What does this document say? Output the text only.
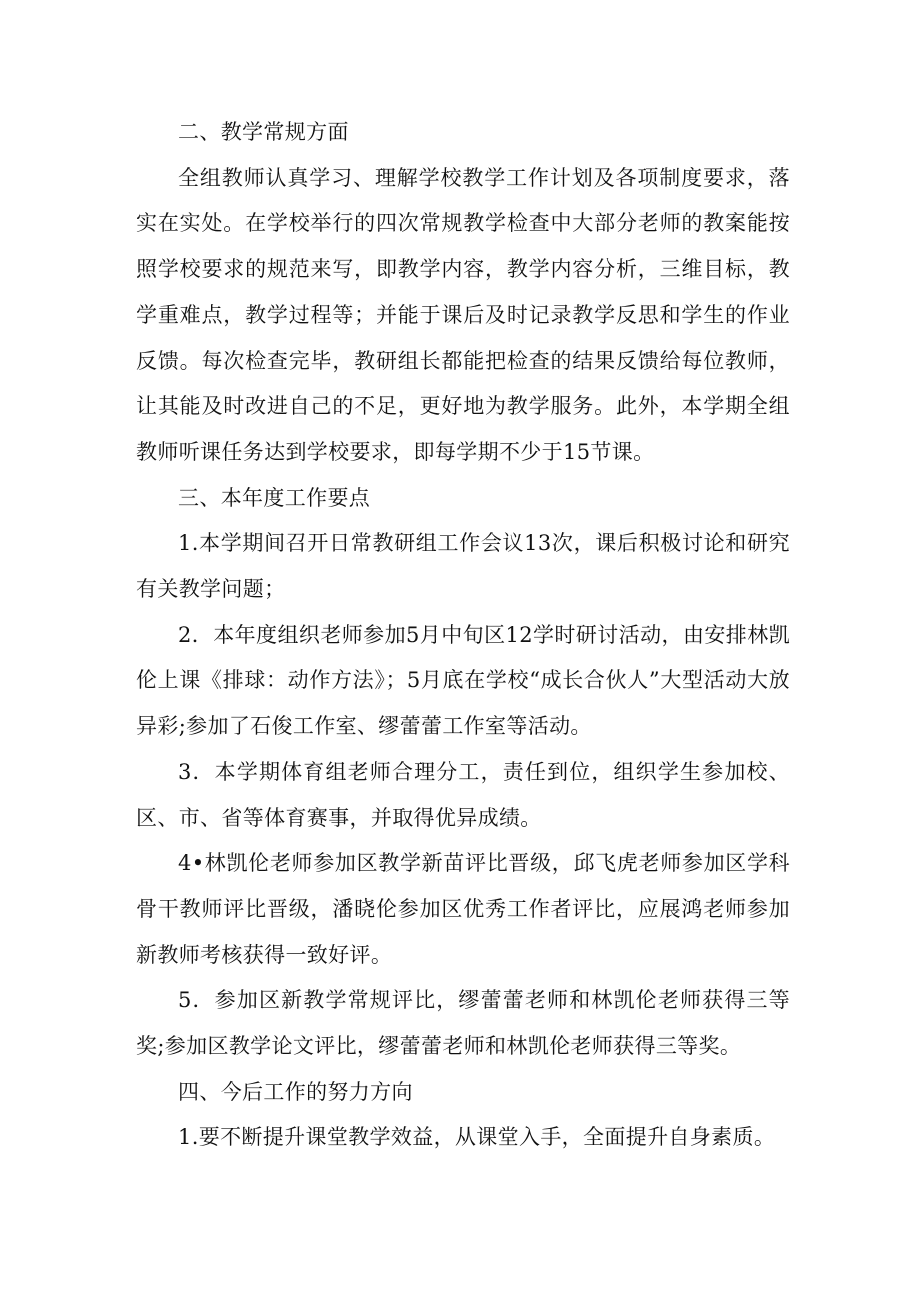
二、教学常规方面

全组教师认真学习、理解学校教学工作计划及各项制度要求，落实在实处。在学校举行的四次常规教学检查中大部分老师的教案能按照学校要求的规范来写，即教学内容，教学内容分析，三维目标，教学重难点，教学过程等；并能于课后及时记录教学反思和学生的作业反馈。每次检查完毕，教研组长都能把检查的结果反馈给每位教师，让其能及时改进自己的不足，更好地为教学服务。此外，本学期全组教师听课任务达到学校要求，即每学期不少于15节课。

三、本年度工作要点

1.本学期间召开日常教研组工作会议13次，课后积极讨论和研究有关教学问题；

2．本年度组织老师参加5月中旬区12学时研讨活动，由安排林凯伦上课《排球：动作方法》；5月底在学校“成长合伙人”大型活动大放异彩;参加了石俊工作室、缪蕾蕾工作室等活动。

3．本学期体育组老师合理分工，责任到位，组织学生参加校、区、市、省等体育赛事，并取得优异成绩。

4•林凯伦老师参加区教学新苗评比晋级，邱飞虎老师参加区学科骨干教师评比晋级，潘晓伦参加区优秀工作者评比，应展鸿老师参加新教师考核获得一致好评。

5．参加区新教学常规评比，缪蕾蕾老师和林凯伦老师获得三等奖;参加区教学论文评比，缪蕾蕾老师和林凯伦老师获得三等奖。

四、今后工作的努力方向

1.要不断提升课堂教学效益，从课堂入手，全面提升自身素质。
